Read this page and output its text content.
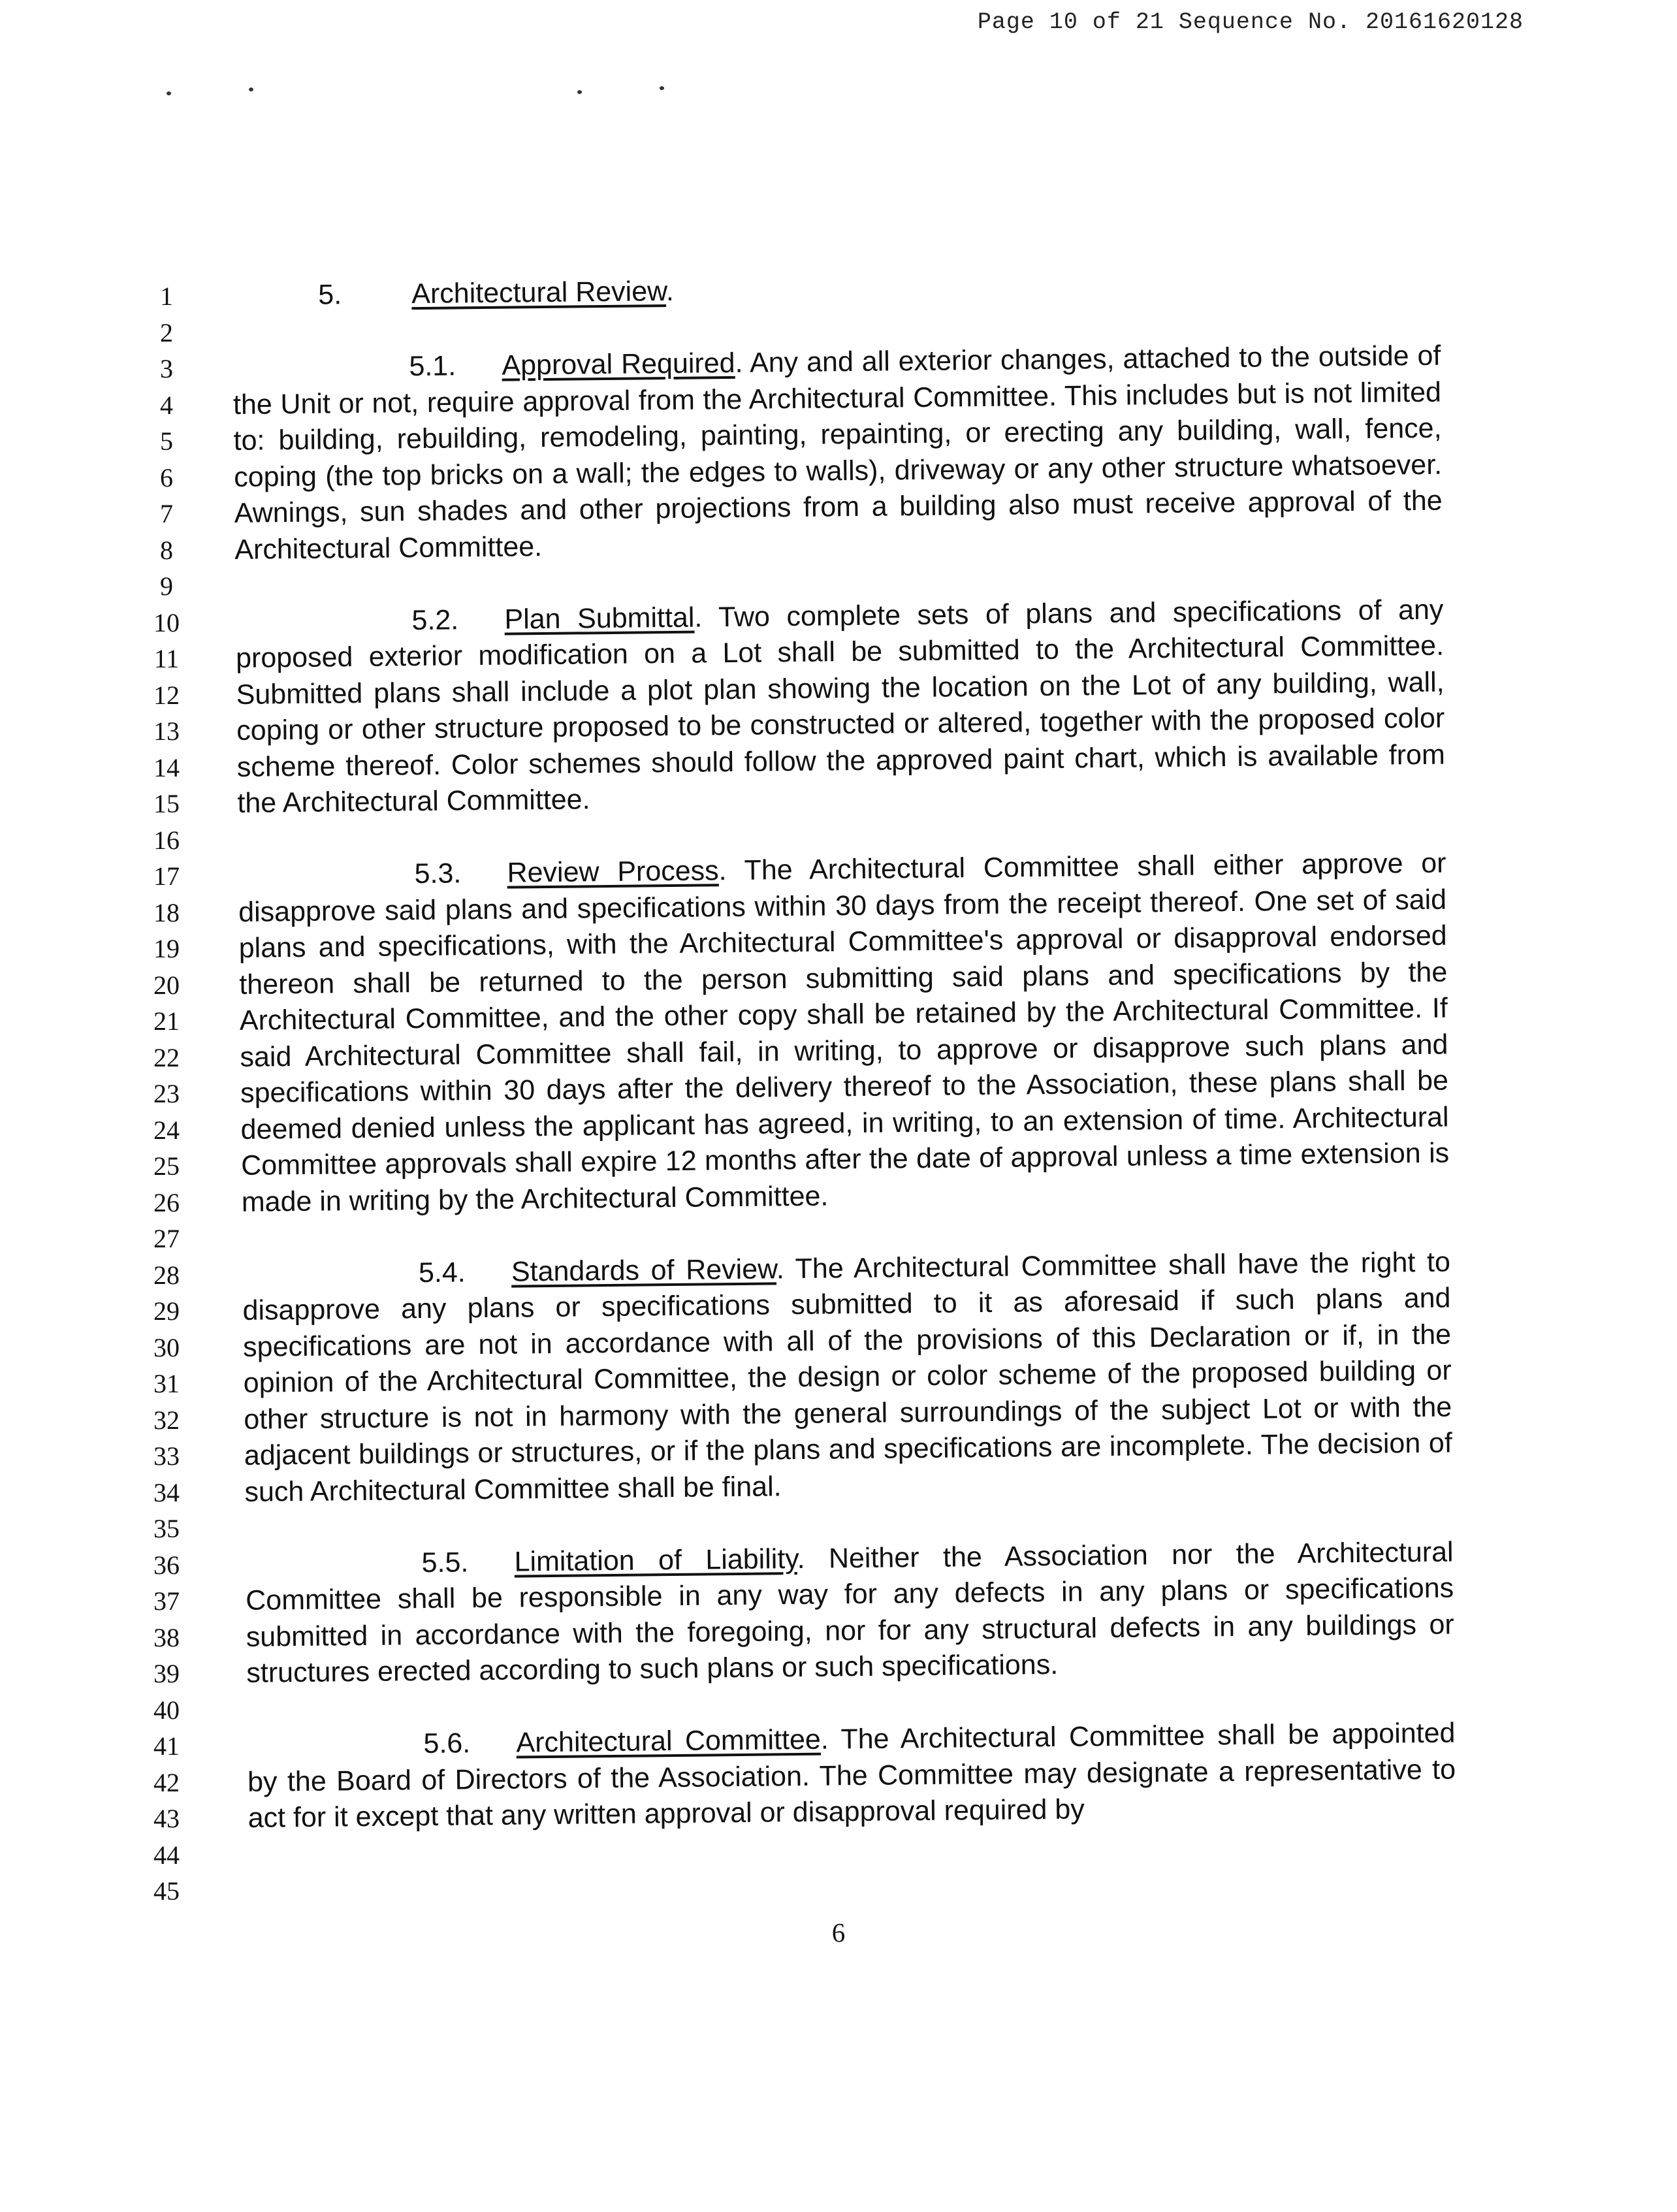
Page 10 of 21 Sequence No. 20161620128
1
2
3
4
5
6
7
8
9
10
11
12
13
14
15
16
17
18
19
20
21
22
23
24
25
26
27
28
29
30
31
32
33
34
35
36
37
38
39
40
41
42
43
44
45
5. Architectural Review.

5.1. Approval Required. Any and all exterior changes, attached to the outside of the Unit or not, require approval from the Architectural Committee. This includes but is not limited to: building, rebuilding, remodeling, painting, repainting, or erecting any building, wall, fence, coping (the top bricks on a wall; the edges to walls), driveway or any other structure whatsoever. Awnings, sun shades and other projections from a building also must receive approval of the Architectural Committee.

5.2. Plan Submittal. Two complete sets of plans and specifications of any proposed exterior modification on a Lot shall be submitted to the Architectural Committee. Submitted plans shall include a plot plan showing the location on the Lot of any building, wall, coping or other structure proposed to be constructed or altered, together with the proposed color scheme thereof. Color schemes should follow the approved paint chart, which is available from the Architectural Committee.

5.3. Review Process. The Architectural Committee shall either approve or disapprove said plans and specifications within 30 days from the receipt thereof. One set of said plans and specifications, with the Architectural Committee's approval or disapproval endorsed thereon shall be returned to the person submitting said plans and specifications by the Architectural Committee, and the other copy shall be retained by the Architectural Committee. If said Architectural Committee shall fail, in writing, to approve or disapprove such plans and specifications within 30 days after the delivery thereof to the Association, these plans shall be deemed denied unless the applicant has agreed, in writing, to an extension of time. Architectural Committee approvals shall expire 12 months after the date of approval unless a time extension is made in writing by the Architectural Committee.

5.4. Standards of Review. The Architectural Committee shall have the right to disapprove any plans or specifications submitted to it as aforesaid if such plans and specifications are not in accordance with all of the provisions of this Declaration or if, in the opinion of the Architectural Committee, the design or color scheme of the proposed building or other structure is not in harmony with the general surroundings of the subject Lot or with the adjacent buildings or structures, or if the plans and specifications are incomplete. The decision of such Architectural Committee shall be final.

5.5. Limitation of Liability. Neither the Association nor the Architectural Committee shall be responsible in any way for any defects in any plans or specifications submitted in accordance with the foregoing, nor for any structural defects in any buildings or structures erected according to such plans or such specifications.

5.6. Architectural Committee. The Architectural Committee shall be appointed by the Board of Directors of the Association. The Committee may designate a representative to act for it except that any written approval or disapproval required by

6
